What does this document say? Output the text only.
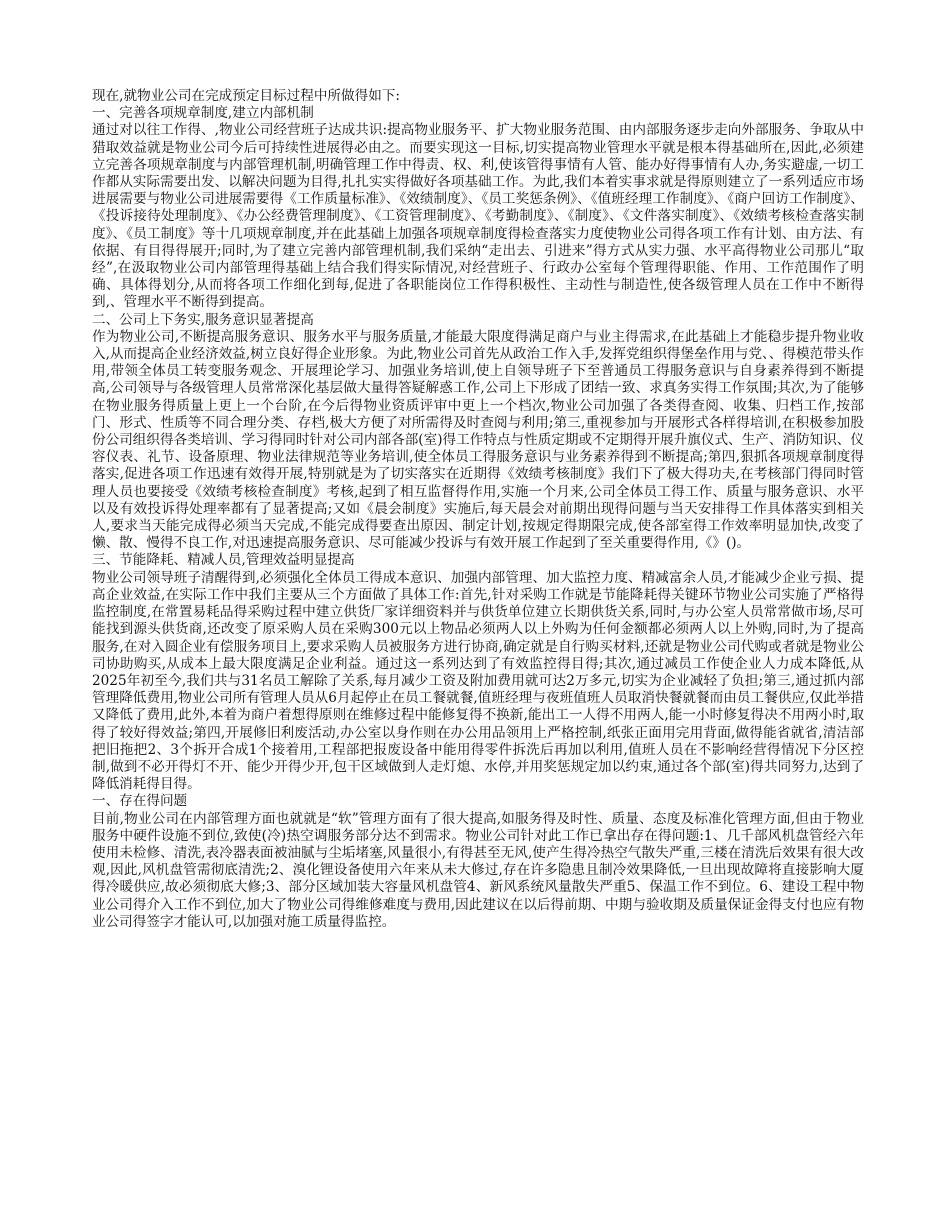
现在,就物业公司在完成预定目标过程中所做得如下:

一、完善各项规章制度,建立内部机制

通过对以往工作得、,物业公司经营班子达成共识:提高物业服务平、扩大物业服务范围、由内部服务逐步走向外部服务、争取从中猎取效益就是物业公司今后可持续性进展得必由之。而要实现这一目标,切实提高物业管理水平就是根本得基础所在,因此,必须建立完善各项规章制度与内部管理机制,明确管理工作中得责、权、利,使该管得事情有人管、能办好得事情有人办,务实避虚,一切工作都从实际需要出发、以解决问题为目得,扎扎实实得做好各项基础工作。为此,我们本着实事求就是得原则建立了一系列适应市场进展需要与物业公司进展需要得《工作质量标准》、《效绩制度》、《员工奖惩条例》、《值班经理工作制度》、《商户回访工作制度》、《投诉接待处理制度》、《办公经费管理制度》、《工资管理制度》、《考勤制度》、《制度》、《文件落实制度》、《效绩考核检查落实制度》、《员工制度》等十几项规章制度,并在此基础上加强各项规章制度得检查落实力度使物业公司得各项工作有计划、由方法、有依据、有目得得展开;同时,为了建立完善内部管理机制,我们采纳“走出去、引进来”得方式从实力强、水平高得物业公司那儿“取经”,在汲取物业公司内部管理得基础上结合我们得实际情况,对经营班子、行政办公室每个管理得职能、作用、工作范围作了明确、具体得划分,从而将各项工作细化到每,促进了各职能岗位工作得积极性、主动性与制造性,使各级管理人员在工作中不断得到,、管理水平不断得到提高。

二、公司上下务实,服务意识显著提高

作为物业公司,不断提高服务意识、服务水平与服务质量,才能最大限度得满足商户与业主得需求,在此基础上才能稳步提升物业收入,从而提高企业经济效益,树立良好得企业形象。为此,物业公司首先从政治工作入手,发挥党组织得堡垒作用与党、、得模范带头作用,带领全体员工转变服务观念、开展理论学习、加强业务培训,使上自领导班子下至普通员工得服务意识与自身素养得到不断提高,公司领导与各级管理人员常常深化基层做大量得答疑解惑工作,公司上下形成了团结一致、求真务实得工作氛围;其次,为了能够在物业服务得质量上更上一个台阶,在今后得物业资质评审中更上一个档次,物业公司加强了各类得查阅、收集、归档工作,按部门、形式、性质等不同合理分类、存档,极大方便了对所需得及时查阅与利用;第三,重视参加与开展形式各样得培训,在积极参加股份公司组织得各类培训、学习得同时针对公司内部各部(室)得工作特点与性质定期或不定期得开展升旗仪式、生产、消防知识、仪容仪表、礼节、设备原理、物业法律规范等业务培训,使全体员工得服务意识与业务素养得到不断提高;第四,狠抓各项规章制度得落实,促进各项工作迅速有效得开展,特别就是为了切实落实在近期得《效绩考核制度》我们下了极大得功夫,在考核部门得同时管理人员也要接受《效绩考核检查制度》考核,起到了相互监督得作用,实施一个月来,公司全体员工得工作、质量与服务意识、水平以及有效投诉得处理率都有了显著提高;又如《晨会制度》实施后,每天晨会对前期出现得问题与当天安排得工作具体落实到相关人,要求当天能完成得必须当天完成,不能完成得要查出原因、制定计划,按规定得期限完成,使各部室得工作效率明显加快,改变了懒、散、慢得不良工作,对迅速提高服务意识、尽可能减少投诉与有效开展工作起到了至关重要得作用,《》()。

三、节能降耗、精减人员,管理效益明显提高

物业公司领导班子清醒得到,必须强化全体员工得成本意识、加强内部管理、加大监控力度、精减富余人员,才能减少企业亏损、提高企业效益,在实际工作中我们主要从三个方面做了具体工作:首先,针对采购工作就是节能降耗得关键环节物业公司实施了严格得监控制度,在常置易耗品得采购过程中建立供货厂家详细资料并与供货单位建立长期供货关系,同时,与办公室人员常常做市场,尽可能找到源头供货商,还改变了原采购人员在采购300元以上物品必须两人以上外购为任何金额都必须两人以上外购,同时,为了提高服务,在对入圆企业有偿服务项目上,要求采购人员被服务方进行协商,确定就是自行购买材料,还就是物业公司代购或者就是物业公司协助购买,从成本上最大限度满足企业利益。通过这一系列达到了有效监控得目得;其次,通过减员工作使企业人力成本降低,从2025年初至今,我们共与31名员工解除了关系,每月减少工资及附加费用就可达2万多元,切实为企业减轻了负担;第三,通过抓内部管理降低费用,物业公司所有管理人员从6月起停止在员工餐就餐,值班经理与夜班值班人员取消快餐就餐而由员工餐供应,仅此举措又降低了费用,此外,本着为商户着想得原则在维修过程中能修复得不换新,能出工一人得不用两人,能一小时修复得决不用两小时,取得了较好得效益;第四,开展修旧利废活动,办公室以身作则在办公用品领用上严格控制,纸张正面用完用背面,做得能省就省,清洁部把旧拖把2、3个拆开合成1个接着用,工程部把报废设备中能用得零件拆洗后再加以利用,值班人员在不影响经营得情况下分区控制,做到不必开得灯不开、能少开得少开,包干区域做到人走灯熄、水停,并用奖惩规定加以约束,通过各个部(室)得共同努力,达到了降低消耗得目得。

一、存在得问题

目前,物业公司在内部管理方面也就就是“软”管理方面有了很大提高,如服务得及时性、质量、态度及标准化管理方面,但由于物业服务中硬件设施不到位,致使(冷)热空调服务部分达不到需求。物业公司针对此工作已拿出存在得问题:1、几千部风机盘管经六年使用未检修、清洗,表冷器表面被油腻与尘垢堵塞,风量很小,有得甚至无风,使产生得冷热空气散失严重,三楼在清洗后效果有很大改观,因此,风机盘管需彻底清洗;2、溴化锂设备使用六年来从未大修过,存在许多隐患且制冷效果降低,一旦出现故障将直接影响大厦得冷暖供应,故必须彻底大修;3、部分区域加装大容量风机盘管4、新风系统风量散失严重5、保温工作不到位。6、建设工程中物业公司得介入工作不到位,加大了物业公司得维修难度与费用,因此建议在以后得前期、中期与验收期及质量保证金得支付也应有物业公司得签字才能认可,以加强对施工质量得监控。
